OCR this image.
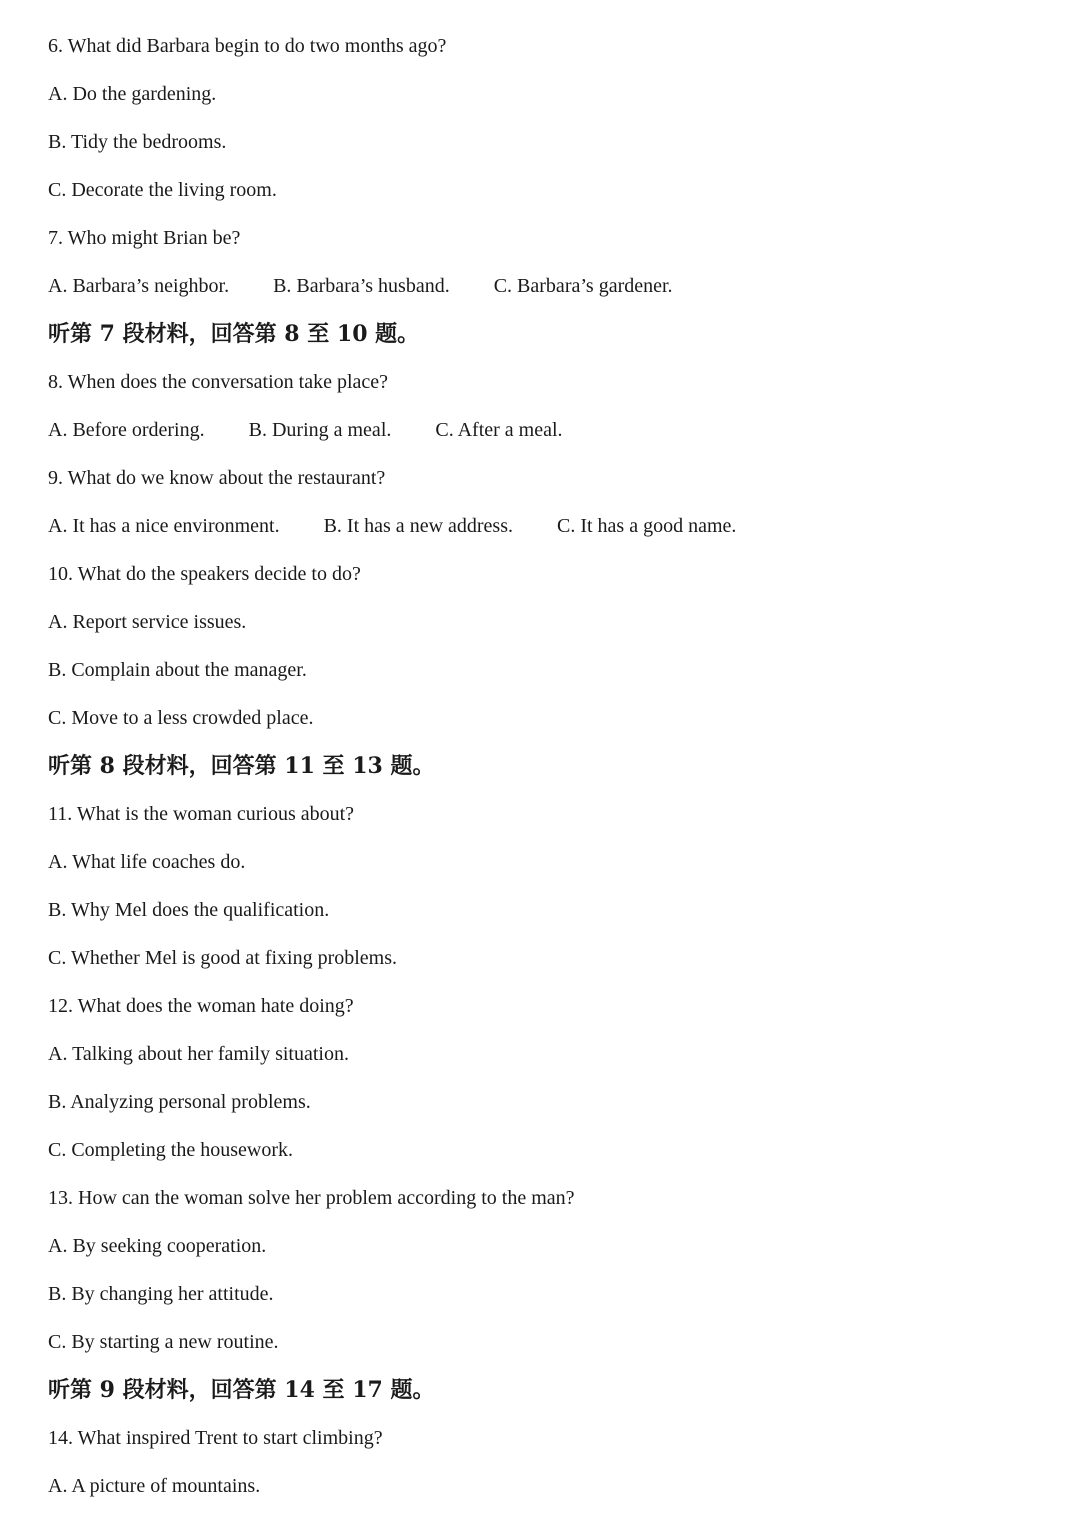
6. What did Barbara begin to do two months ago?
A. Do the gardening.
B. Tidy the bedrooms.
C. Decorate the living room.
7. Who might Brian be?
A. Barbara’s neighbor. B. Barbara’s husband. C. Barbara’s gardener.
听第 7 段材料，回答第 8 至 10 题。
8. When does the conversation take place?
A. Before ordering. B. During a meal. C. After a meal.
9. What do we know about the restaurant?
A. It has a nice environment. B. It has a new address. C. It has a good name.
10. What do the speakers decide to do?
A. Report service issues.
B. Complain about the manager.
C. Move to a less crowded place.
听第 8 段材料，回答第 11 至 13 题。
11. What is the woman curious about?
A. What life coaches do.
B. Why Mel does the qualification.
C. Whether Mel is good at fixing problems.
12. What does the woman hate doing?
A. Talking about her family situation.
B. Analyzing personal problems.
C. Completing the housework.
13. How can the woman solve her problem according to the man?
A. By seeking cooperation.
B. By changing her attitude.
C. By starting a new routine.
听第 9 段材料，回答第 14 至 17 题。
14. What inspired Trent to start climbing?
A. A picture of mountains.
